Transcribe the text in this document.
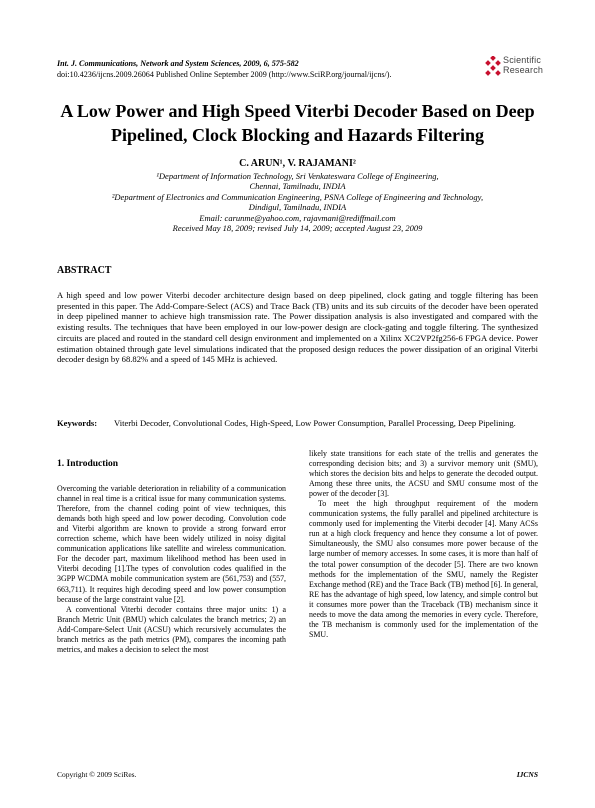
Int. J. Communications, Network and System Sciences, 2009, 6, 575-582
doi:10.4236/ijcns.2009.26064 Published Online September 2009 (http://www.SciRP.org/journal/ijcns/).
Scientific
Research
A Low Power and High Speed Viterbi Decoder Based on Deep Pipelined, Clock Blocking and Hazards Filtering
C. ARUN¹, V. RAJAMANI²

¹Department of Information Technology, Sri Venkateswara College of Engineering,

Chennai, Tamilnadu, INDIA

²Department of Electronics and Communication Engineering, PSNA College of Engineering and Technology,

Dindigul, Tamilnadu, INDIA

Email: carunme@yahoo.com, rajavmani@rediffmail.com

Received May 18, 2009; revised July 14, 2009; accepted August 23, 2009

ABSTRACT

A high speed and low power Viterbi decoder architecture design based on deep pipelined, clock gating and toggle filtering has been presented in this paper. The Add-Compare-Select (ACS) and Trace Back (TB) units and its sub circuits of the decoder have been operated in deep pipelined manner to achieve high transmission rate. The Power dissipation analysis is also investigated and compared with the existing results. The techniques that have been employed in our low-power design are clock-gating and toggle filtering. The synthesized circuits are placed and routed in the standard cell design environment and implemented on a Xilinx XC2VP2fg256-6 FPGA device. Power estimation obtained through gate level simulations indicated that the proposed design reduces the power dissipation of an original Viterbi decoder design by 68.82% and a speed of 145 MHz is achieved.

Keywords: Viterbi Decoder, Convolutional Codes, High-Speed, Low Power Consumption, Parallel Processing, Deep Pipelining.
1. Introduction

Overcoming the variable deterioration in reliability of a communication channel in real time is a critical issue for many communication systems. Therefore, from the channel coding point of view techniques, this demands both high speed and low power decoding. Convolution code and Viterbi algorithm are known to provide a strong forward error correction scheme, which have been widely utilized in noisy digital communication applications like satellite and wireless communication. For the decoder part, maximum likelihood method has been used in Viterbi decoding [1].The types of convolution codes qualified in the 3GPP WCDMA mobile communication system are (561,753) and (557, 663,711). It requires high decoding speed and low power consumption because of the large constraint value [2].

A conventional Viterbi decoder contains three major units: 1) a Branch Metric Unit (BMU) which calculates the branch metrics; 2) an Add-Compare-Select Unit (ACSU) which recursively accumulates the branch metrics as the path metrics (PM), compares the incoming path metrics, and makes a decision to select the most

likely state transitions for each state of the trellis and generates the corresponding decision bits; and 3) a survivor memory unit (SMU), which stores the decision bits and helps to generate the decoded output. Among these three units, the ACSU and SMU consume most of the power of the decoder [3].

To meet the high throughput requirement of the modern communication systems, the fully parallel and pipelined architecture is commonly used for implementing the Viterbi decoder [4]. Many ACSs run at a high clock frequency and hence they consume a lot of power. Simultaneously, the SMU also consumes more power because of the large number of memory accesses. In some cases, it is more than half of the total power consumption of the decoder [5]. There are two known methods for the implementation of the SMU, namely the Register Exchange method (RE) and the Trace Back (TB) method [6]. In general, RE has the advantage of high speed, low latency, and simple control but it consumes more power than the Traceback (TB) mechanism since it needs to move the data among the memories in every cycle. Therefore, the TB mechanism is commonly used for the implementation of the SMU.

Copyright © 2009 SciRes.	IJCNS
